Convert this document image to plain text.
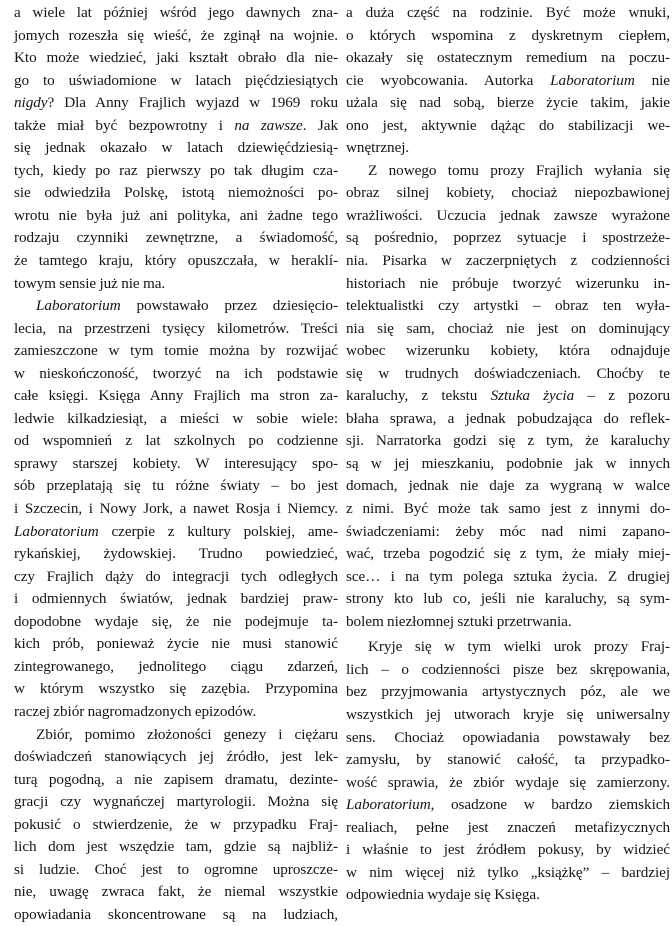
a wiele lat później wśród jego dawnych zna-
jomych rozeszła się wieść, że zginął na wojnie.
Kto może wiedzieć, jaki kształt obrało dla nie-
go to uświadomione w latach pięćdziesiątych
nigdy? Dla Anny Frajlich wyjazd w 1969 roku
także miał być bezpowrotny i na zawsze. Jak
się jednak okazało w latach dziewięćdziesią-
tych, kiedy po raz pierwszy po tak długim cza-
sie odwiedziła Polskę, istotą niemożności po-
wrotu nie była już ani polityka, ani żadne tego
rodzaju czynniki zewnętrzne, a świadomość,
że tamtego kraju, który opuszczała, w heraklí-
towym sensie już nie ma.
Laboratorium powstawało przez dziesięcio-
lecia, na przestrzeni tysięcy kilometrów. Treści
zamieszczone w tym tomie można by rozwijać
w nieskończoność, tworzyć na ich podstawie
całe księgi. Księga Anny Frajlich ma stron za-
ledwie kilkadziesiąt, a mieści w sobie wiele:
od wspomnień z lat szkolnych po codzienne
sprawy starszej kobiety. W interesujący spo-
sób przeplatają się tu różne światy – bo jest
i Szczecin, i Nowy Jork, a nawet Rosja i Niemcy.
Laboratorium czerpie z kultury polskiej, ame-
rykańskiej, żydowskiej. Trudno powiedzieć,
czy Frajlich dąży do integracji tych odległych
i odmiennych światów, jednak bardziej praw-
dopodobne wydaje się, że nie podejmuje ta-
kich prób, ponieważ życie nie musi stanowić
zintegrowanego, jednolitego ciągu zdarzeń,
w którym wszystko się zazębia. Przypomina
raczej zbiór nagromadzonych epizodów.
Zbiór, pomimo złożoności genezy i ciężaru
doświadczeń stanowiących jej źródło, jest lek-
turą pogodną, a nie zapisem dramatu, dezinte-
gracji czy wygnańczej martyrologii. Można się
pokusić o stwierdzenie, że w przypadku Fraj-
lich dom jest wszędzie tam, gdzie są najbliż-
si ludzie. Choć jest to ogromne uproszcze-
nie, uwagę zwraca fakt, że niemal wszystkie
opowiadania skoncentrowane są na ludziach,
a duża część na rodzinie. Być może wnuki,
o których wspomina z dyskretnym ciepłem,
okazały się ostatecznym remedium na poczu-
cie wyobcowania. Autorka Laboratorium nie
użala się nad sobą, bierze życie takim, jakie
ono jest, aktywnie dążąc do stabilizacji we-
wnętrznej.
Z nowego tomu prozy Frajlich wyłania się
obraz silnej kobiety, chociaż niepozbawionej
wrażliwości. Uczucia jednak zawsze wyrażone
są pośrednio, poprzez sytuacje i spostrzeże-
nia. Pisarka w zaczerpniętych z codzienności
historiach nie próbuje tworzyć wizerunku in-
telektualistki czy artystki – obraz ten wyła-
nia się sam, chociaż nie jest on dominujący
wobec wizerunku kobiety, która odnajduje
się w trudnych doświadczeniach. Choćby te
karaluchy, z tekstu Sztuka życia – z pozoru
błaha sprawa, a jednak pobudzająca do reflek-
sji. Narratorka godzi się z tym, że karaluchy
są w jej mieszkaniu, podobnie jak w innych
domach, jednak nie daje za wygraną w walce
z nimi. Być może tak samo jest z innymi do-
świadczeniami: żeby móc nad nimi zapano-
wać, trzeba pogodzić się z tym, że miały miej-
sce… i na tym polega sztuka życia. Z drugiej
strony kto lub co, jeśli nie karaluchy, są sym-
bolem niezłomnej sztuki przetrwania.
Kryje się w tym wielki urok prozy Fraj-
lich – o codzienności pisze bez skrępowania,
bez przyjmowania artystycznych póz, ale we
wszystkich jej utworach kryje się uniwersalny
sens. Chociaż opowiadania powstawały bez
zamysłu, by stanowić całość, ta przypadko-
wość sprawia, że zbiór wydaje się zamierzony.
Laboratorium, osadzone w bardzo ziemskich
realiach, pełne jest znaczeń metafizycznych
i właśnie to jest źródłem pokusy, by widzieć
w nim więcej niż tylko „książkę” – bardziej
odpowiednia wydaje się Księga.
